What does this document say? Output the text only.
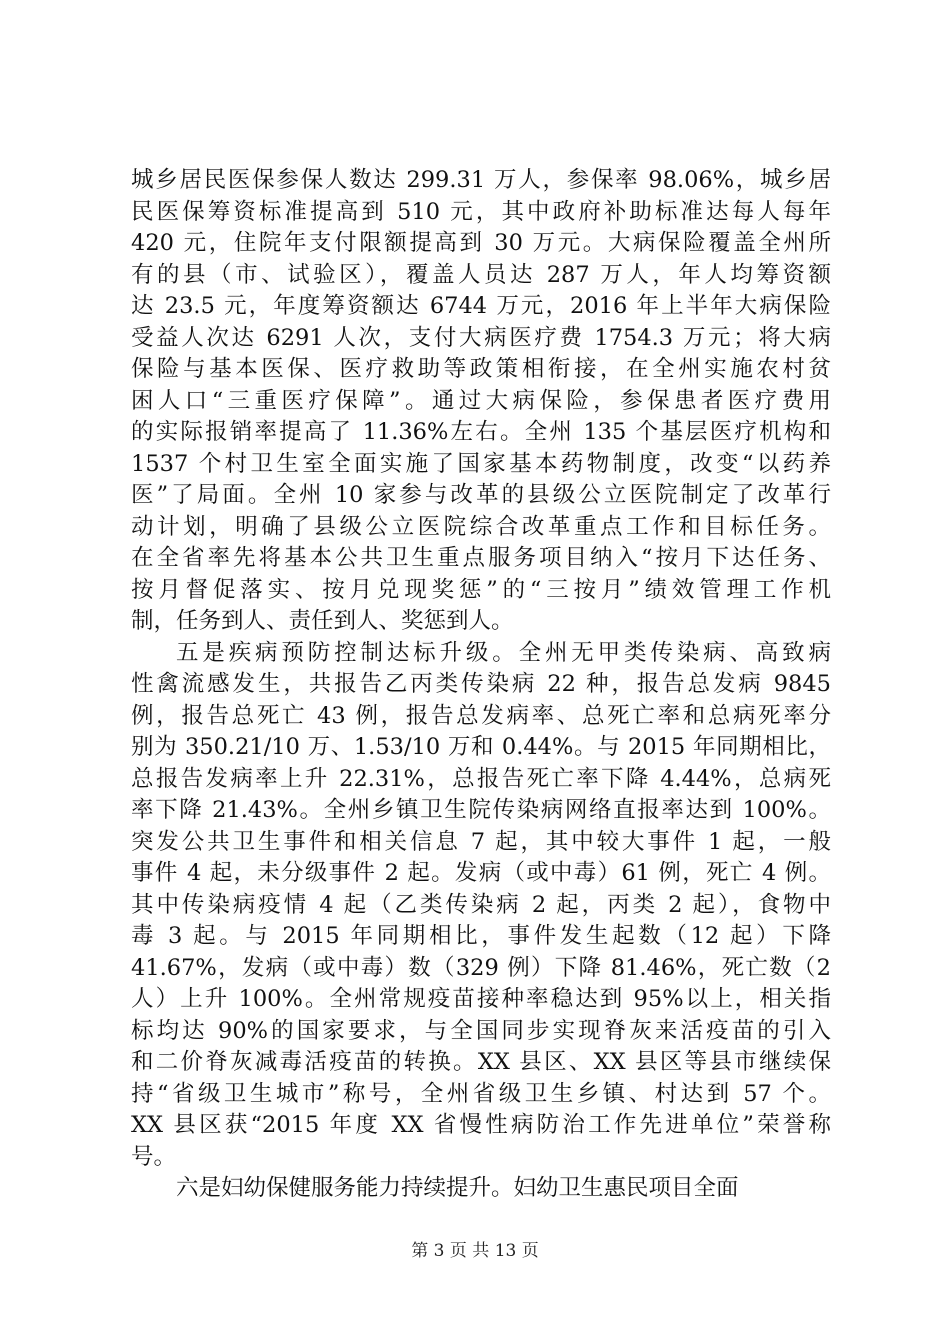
城乡居民医保参保人数达 299.31 万人，参保率 98.06%，城乡居
民医保筹资标准提高到 510 元，其中政府补助标准达每人每年
420 元，住院年支付限额提高到 30 万元。大病保险覆盖全州所
有的县（市、试验区），覆盖人员达 287 万人，年人均筹资额
达 23.5 元，年度筹资额达 6744 万元，2016 年上半年大病保险
受益人次达 6291 人次，支付大病医疗费 1754.3 万元；将大病
保险与基本医保、医疗救助等政策相衔接，在全州实施农村贫
困人口“三重医疗保障”。通过大病保险，参保患者医疗费用
的实际报销率提高了 11.36%左右。全州 135 个基层医疗机构和
1537 个村卫生室全面实施了国家基本药物制度，改变“以药养
医”了局面。全州 10 家参与改革的县级公立医院制定了改革行
动计划，明确了县级公立医院综合改革重点工作和目标任务。
在全省率先将基本公共卫生重点服务项目纳入“按月下达任务、
按月督促落实、按月兑现奖惩”的“三按月”绩效管理工作机
制，任务到人、责任到人、奖惩到人。
五是疾病预防控制达标升级。全州无甲类传染病、高致病
性禽流感发生，共报告乙丙类传染病 22 种，报告总发病 9845
例，报告总死亡 43 例，报告总发病率、总死亡率和总病死率分
别为 350.21/10 万、1.53/10 万和 0.44%。与 2015 年同期相比，
总报告发病率上升 22.31%，总报告死亡率下降 4.44%，总病死
率下降 21.43%。全州乡镇卫生院传染病网络直报率达到 100%。
突发公共卫生事件和相关信息 7 起，其中较大事件 1 起，一般
事件 4 起，未分级事件 2 起。发病（或中毒）61 例，死亡 4 例。
其中传染病疫情 4 起（乙类传染病 2 起，丙类 2 起），食物中
毒 3 起。与 2015 年同期相比，事件发生起数（12 起）下降
41.67%，发病（或中毒）数（329 例）下降 81.46%，死亡数（2
人）上升 100%。全州常规疫苗接种率稳达到 95%以上，相关指
标均达 90%的国家要求，与全国同步实现脊灰来活疫苗的引入
和二价脊灰减毒活疫苗的转换。XX 县区、XX 县区等县市继续保
持“省级卫生城市”称号，全州省级卫生乡镇、村达到 57 个。
XX 县区获“2015 年度 XX 省慢性病防治工作先进单位”荣誉称
号。
六是妇幼保健服务能力持续提升。妇幼卫生惠民项目全面
第 3 页 共 13 页
